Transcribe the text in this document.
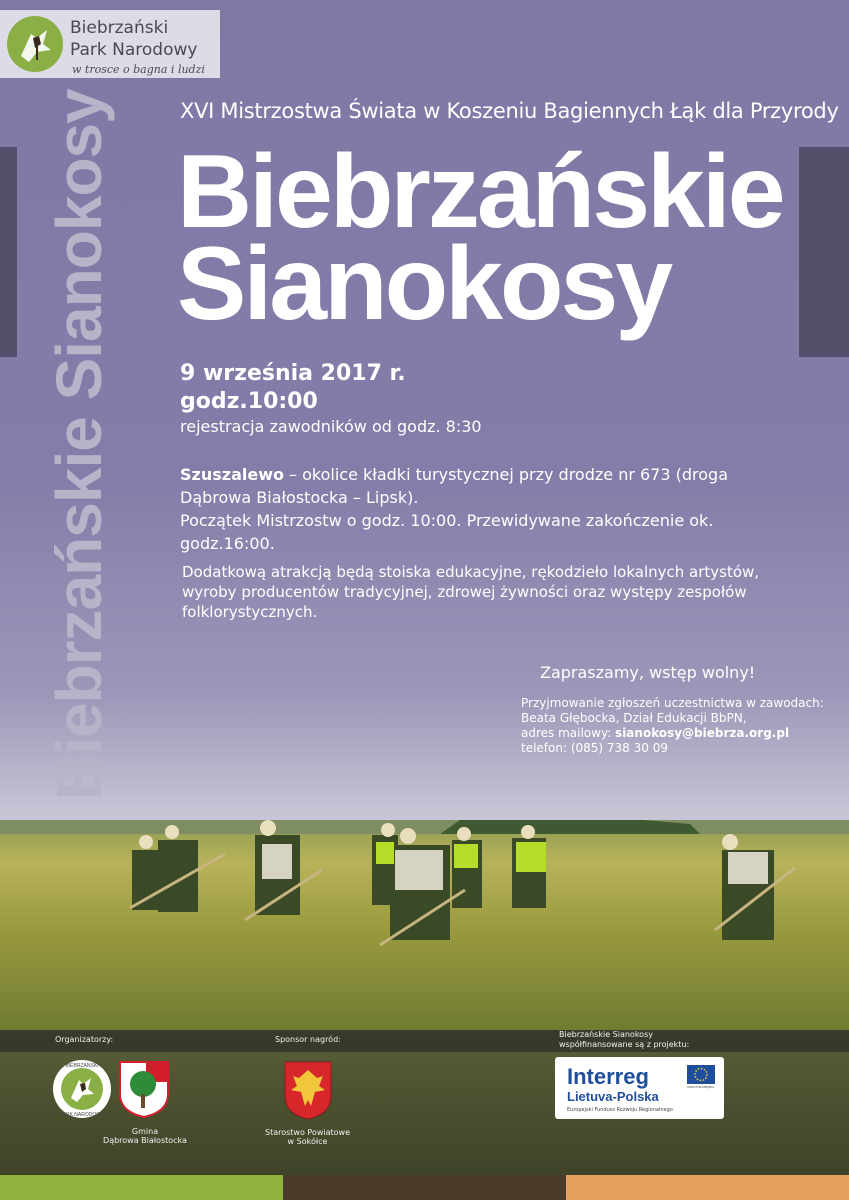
Biebrzański
Park Narodowy
w trosce o bagna i ludzi
Biebrzańskie Sianokosy	XVI Mistrzostwa Świata w Koszeniu Bagiennych Łąk dla Przyrody
Biebrzańskie
Sianokosy
9 września 2017 r.
godz.10:00
rejestracja zawodników od godz. 8:30
Szuszalewo – okolice kładki turystycznej przy drodze nr 673 (droga Dąbrowa Białostocka – Lipsk).
Początek Mistrzostw o godz. 10:00. Przewidywane zakończenie ok. godz.16:00.
Dodatkową atrakcją będą stoiska edukacyjne, rękodzieło lokalnych artystów, wyroby producentów tradycyjnej, zdrowej żywności oraz występy zespołów folklorystycznych.
Zapraszamy, wstęp wolny!
Przyjmowanie zgłoszeń uczestnictwa w zawodach:
Beata Głębocka, Dział Edukacji BbPN,
adres mailowy: sianokosy@biebrza.org.pl
telefon: (085) 738 30 09
Organizatorzy:	Sponsor nagród:
Biebrzańskie Sianokosy
współfinansowane są z projektu:
BIEBRZAŃSKI
PARK NARODOWY
Gmina
Dąbrowa Białostocka
Starostwo Powiatowe
w Sokółce
Interreg
Lietuva-Polska
Europejski Fundusz Rozwoju Regionalnego
UNIA EUROPEJSKA
